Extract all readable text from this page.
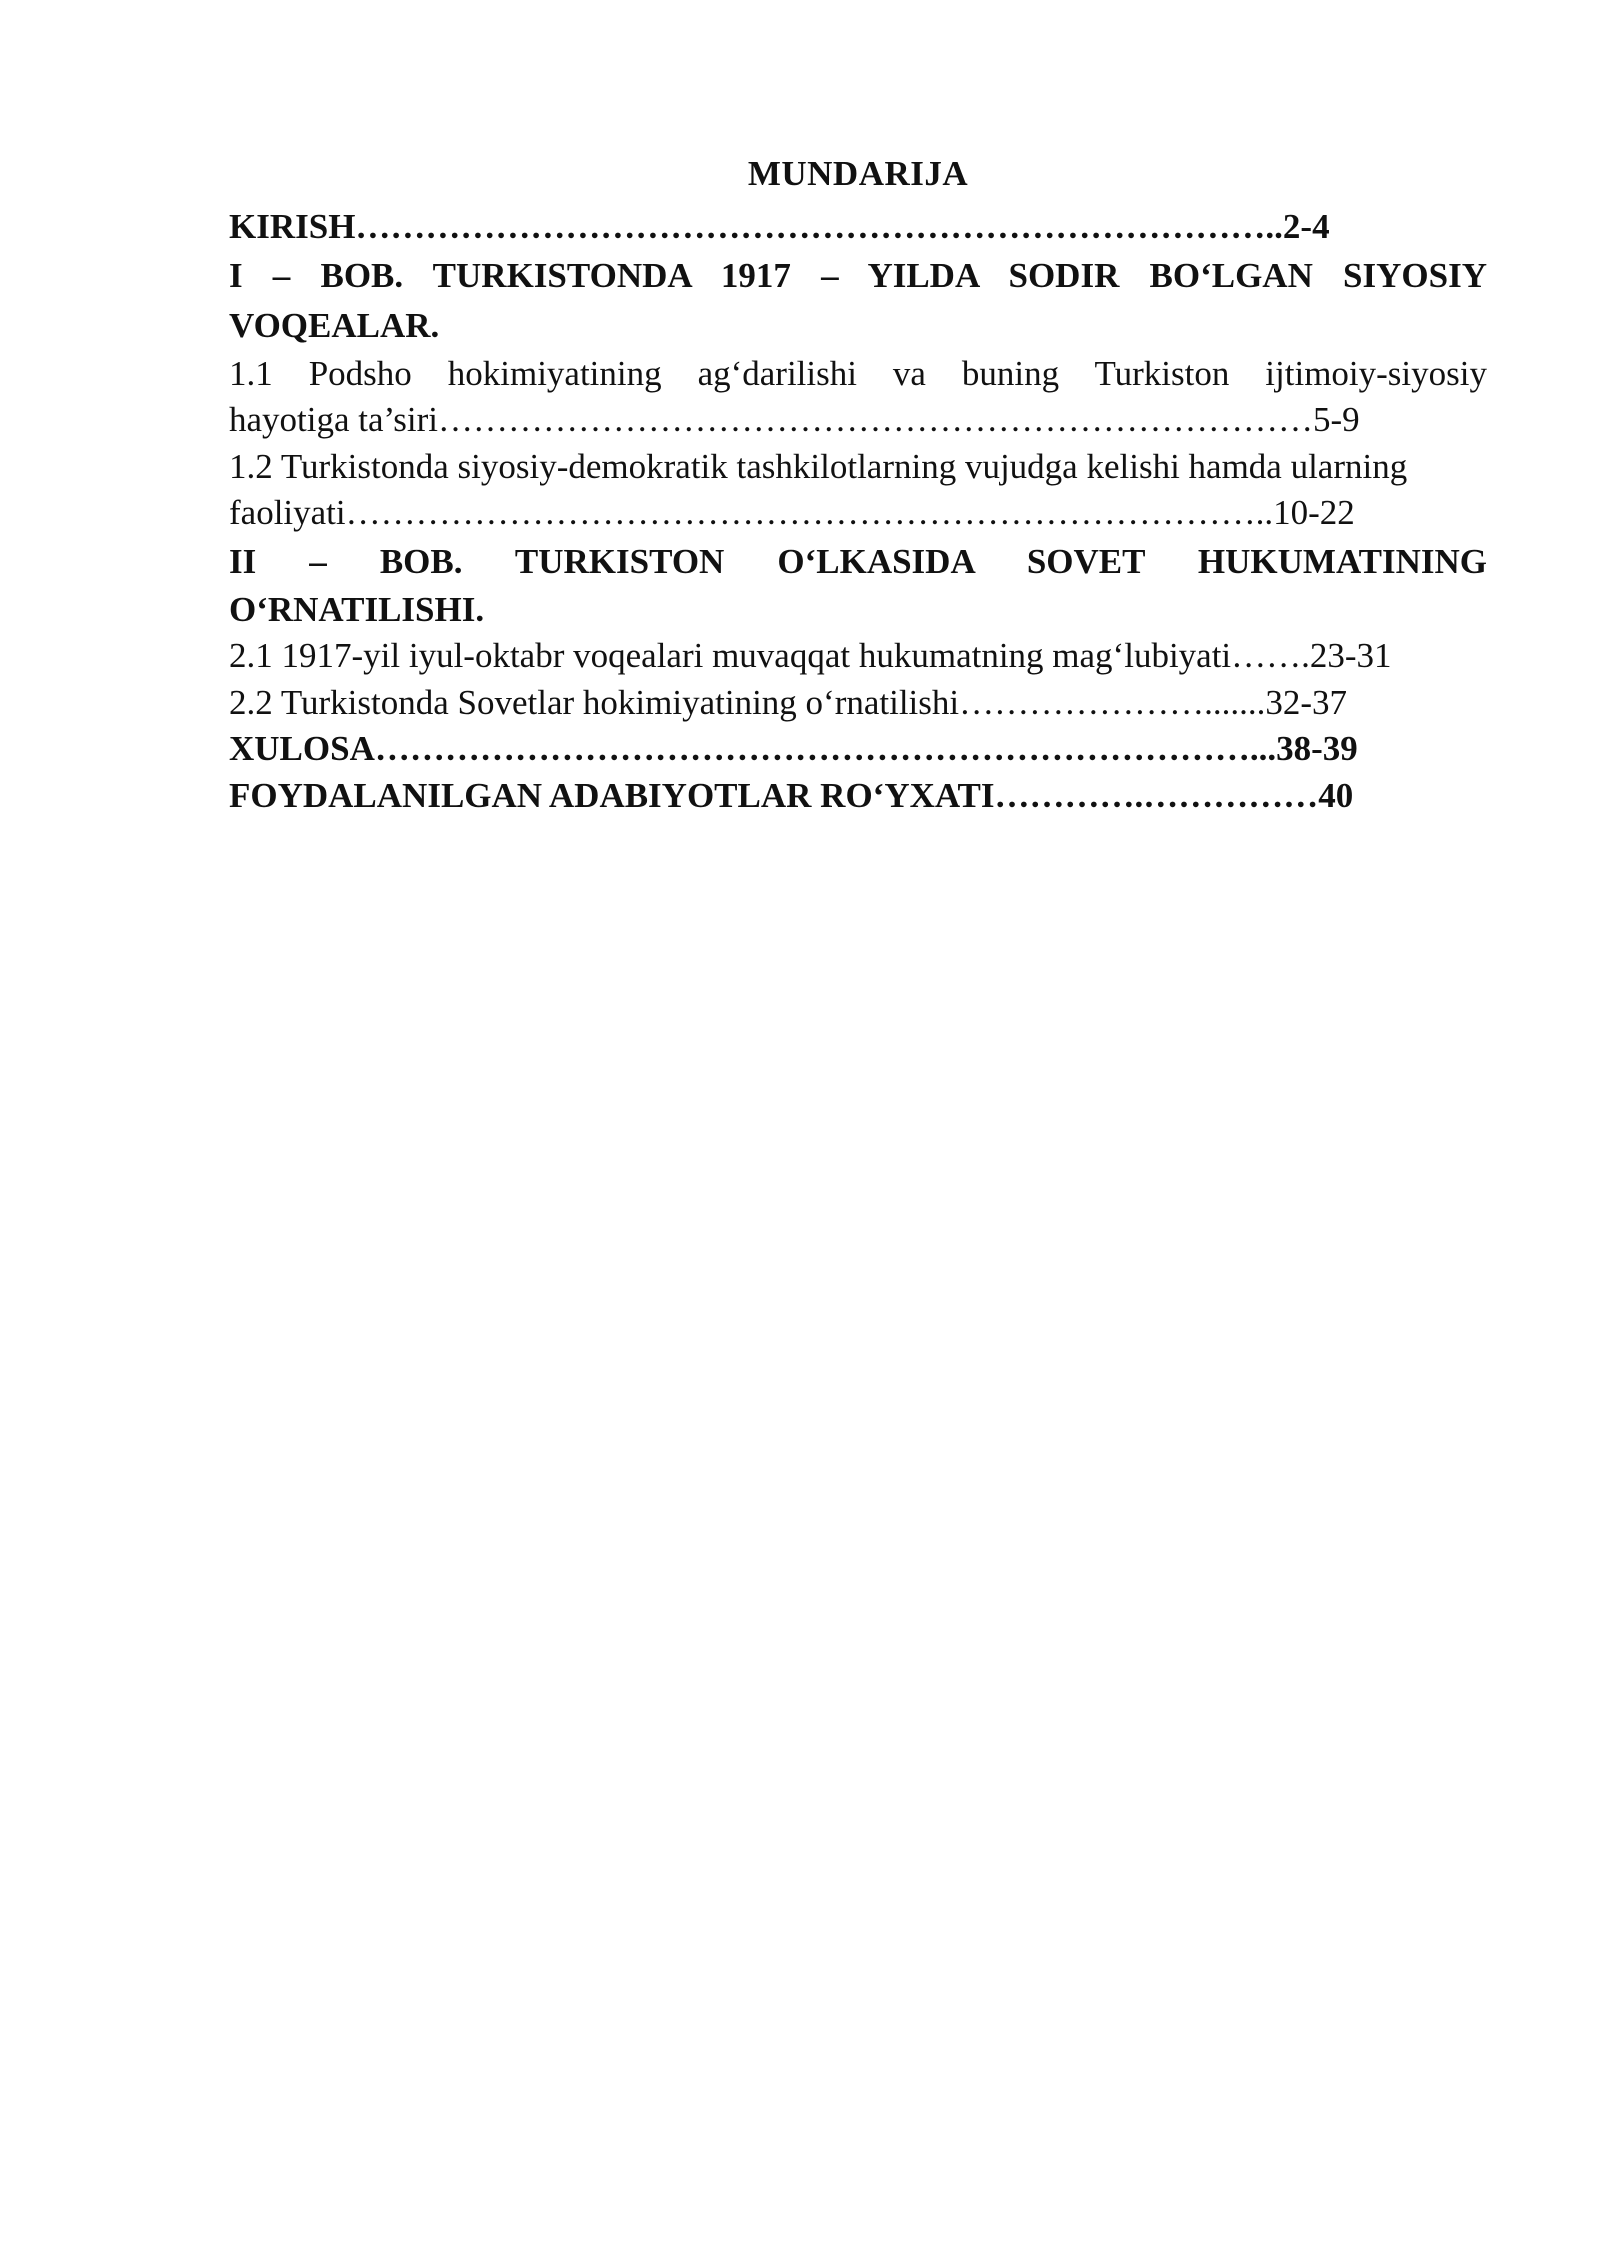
MUNDARIJA
KIRISH……………………………………………………………………..2-4
I – BOB. TURKISTONDA 1917 – YILDA SODIR BO‘LGAN SIYOSIY
VOQEALAR.
1.1 Podsho hokimiyatining ag‘darilishi va buning Turkiston ijtimoiy-siyosiy
hayotiga ta’siri…………………………………………………………………5-9
1.2 Turkistonda siyosiy-demokratik tashkilotlarning vujudga kelishi hamda ularning
faoliyati……………………………………………………………………..10-22
II – BOB. TURKISTON O‘LKASIDA SOVET HUKUMATINING
O‘RNATILISHI.
2.1 1917-yil iyul-oktabr voqealari muvaqqat hukumatning mag‘lubiyati…….23-31
2.2 Turkistonda Sovetlar hokimiyatining o‘rnatilishi………………….......32-37
XULOSA…………………………………………………………………...38-39
FOYDALANILGAN ADABIYOTLAR RO‘YXATI………….……………40
